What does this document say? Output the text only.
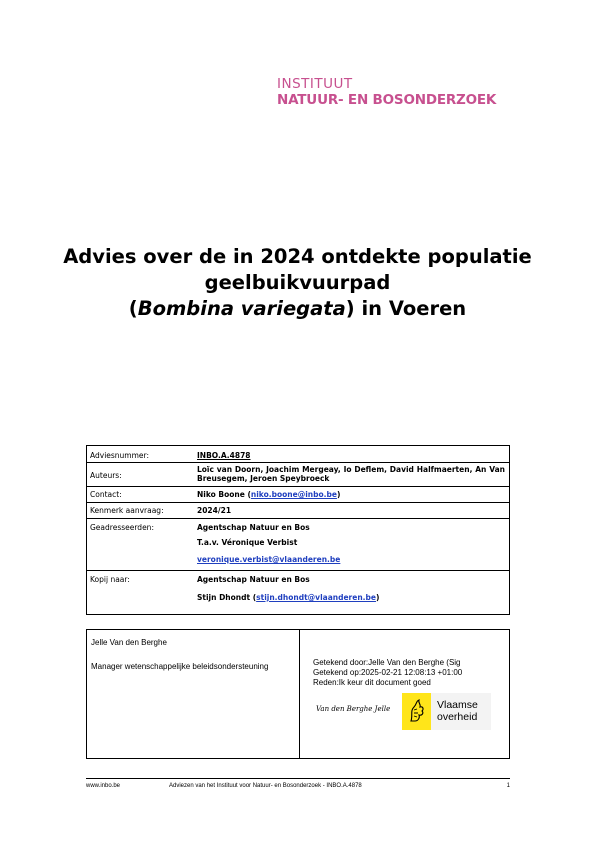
INSTITUUT
NATUUR- EN BOSONDERZOEK
Advies over de in 2024 ontdekte populatie geelbuikvuurpad
(Bombina variegata) in Voeren
Adviesnummer:	INBO.A.4878
Auteurs:
Loïc van Doorn, Joachim Mergeay, Io Deflem, David Halfmaerten, An Van Breusegem, Jeroen Speybroeck
Contact:	Niko Boone (niko.boone@inbo.be)
Kenmerk aanvraag:	2024/21
Geadresseerden:	Agentschap Natuur en Bos
T.a.v. Véronique Verbist
veronique.verbist@vlaanderen.be
Kopij naar:	Agentschap Natuur en Bos
Stijn Dhondt (stijn.dhondt@vlaanderen.be)
Jelle Van den Berghe
Manager wetenschappelijke beleidsondersteuning	Getekend door:Jelle Van den Berghe (Sig
Getekend op:2025-02-21 12:08:13 +01:00
Reden:Ik keur dit document goed
Van den Berghe Jelle	Vlaamse
overheid
www.inbo.be	Adviezen van het Instituut voor Natuur- en Bosonderzoek - INBO.A.4878	1
